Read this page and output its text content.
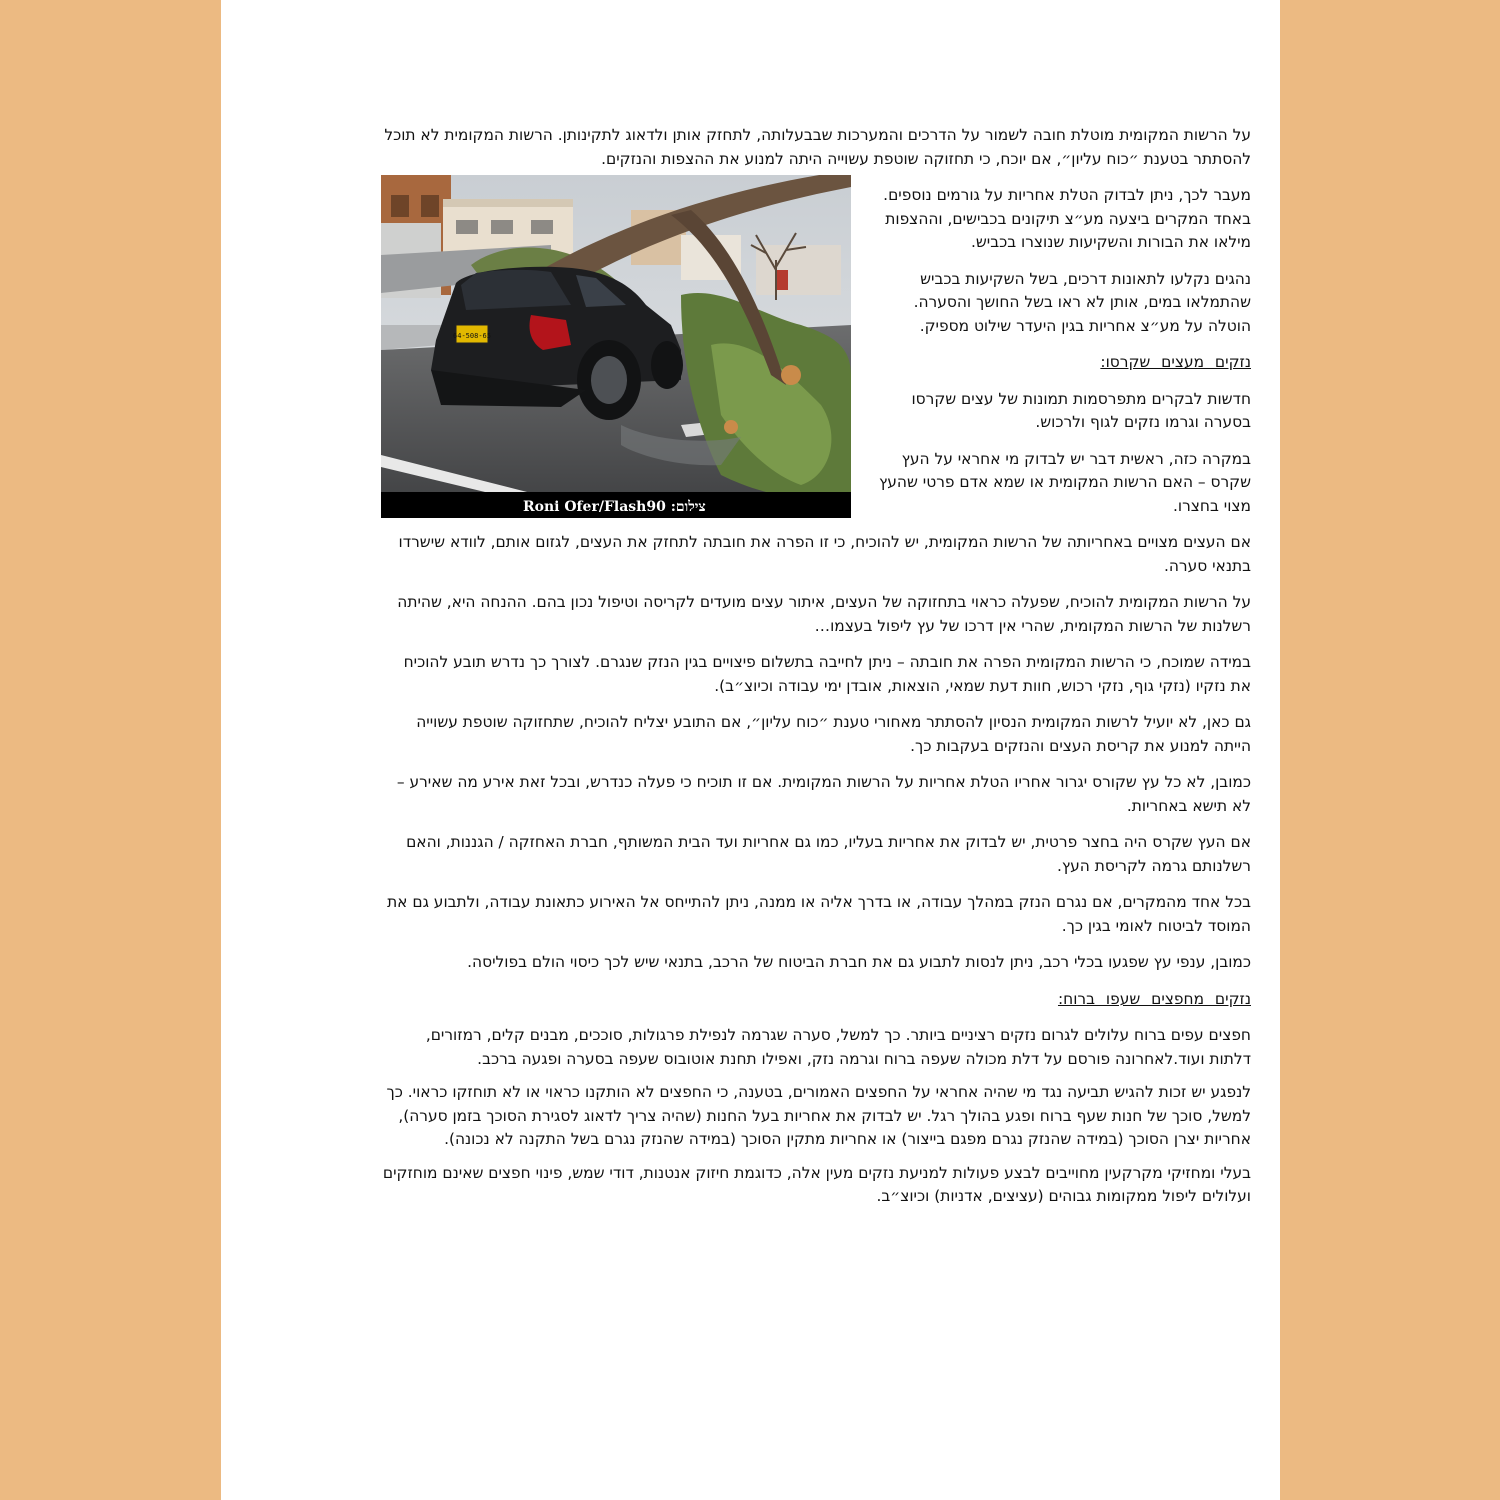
על הרשות המקומית מוטלת חובה לשמור על הדרכים והמערכות שבבעלותה, לתחזק אותן ולדאוג לתקינותן. הרשות המקומית לא תוכל להסתתר בטענת ״כוח עליון״, אם יוכח, כי תחזוקה שוטפת עשוייה היתה למנוע את ההצפות והנזקים.

64-508-65
צילום: Roni Ofer/Flash90

מעבר לכך, ניתן לבדוק הטלת אחריות על גורמים נוספים. באחד המקרים ביצעה מע״צ תיקונים בכבישים, וההצפות מילאו את הבורות והשקיעות שנוצרו בכביש.

נהגים נקלעו לתאונות דרכים, בשל השקיעות בכביש שהתמלאו במים, אותן לא ראו בשל החושך והסערה. הוטלה על מע״צ אחריות בגין היעדר שילוט מספיק.

נזקים מעצים שקרסו:

חדשות לבקרים מתפרסמות תמונות של עצים שקרסו בסערה וגרמו נזקים לגוף ולרכוש.

במקרה כזה, ראשית דבר יש לבדוק מי אחראי על העץ שקרס – האם הרשות המקומית או שמא אדם פרטי שהעץ מצוי בחצרו.

אם העצים מצויים באחריותה של הרשות המקומית, יש להוכיח, כי זו הפרה את חובתה לתחזק את העצים, לגזום אותם, לוודא שישרדו בתנאי סערה.

על הרשות המקומית להוכיח, שפעלה כראוי בתחזוקה של העצים, איתור עצים מועדים לקריסה וטיפול נכון בהם. ההנחה היא, שהיתה רשלנות של הרשות המקומית, שהרי אין דרכו של עץ ליפול בעצמו…

במידה שמוכח, כי הרשות המקומית הפרה את חובתה – ניתן לחייבה בתשלום פיצויים בגין הנזק שנגרם. לצורך כך נדרש תובע להוכיח את נזקיו (נזקי גוף, נזקי רכוש, חוות דעת שמאי, הוצאות, אובדן ימי עבודה וכיוצ״ב).

גם כאן, לא יועיל לרשות המקומית הנסיון להסתתר מאחורי טענת ״כוח עליון״, אם התובע יצליח להוכיח, שתחזוקה שוטפת עשוייה הייתה למנוע את קריסת העצים והנזקים בעקבות כך.

כמובן, לא כל עץ שקורס יגרור אחריו הטלת אחריות על הרשות המקומית. אם זו תוכיח כי פעלה כנדרש, ובכל זאת אירע מה שאירע – לא תישא באחריות.

אם העץ שקרס היה בחצר פרטית, יש לבדוק את אחריות בעליו, כמו גם אחריות ועד הבית המשותף, חברת האחזקה / הגננות, והאם רשלנותם גרמה לקריסת העץ.

בכל אחד מהמקרים, אם נגרם הנזק במהלך עבודה, או בדרך אליה או ממנה, ניתן להתייחס אל האירוע כתאונת עבודה, ולתבוע גם את המוסד לביטוח לאומי בגין כך.

כמובן, ענפי עץ שפגעו בכלי רכב, ניתן לנסות לתבוע גם את חברת הביטוח של הרכב, בתנאי שיש לכך כיסוי הולם בפוליסה.

נזקים מחפצים שעפו ברוח:

חפצים עפים ברוח עלולים לגרום נזקים רציניים ביותר. כך למשל, סערה שגרמה לנפילת פרגולות, סוככים, מבנים קלים, רמזורים, דלתות ועוד.לאחרונה פורסם על דלת מכולה שעפה ברוח וגרמה נזק, ואפילו תחנת אוטובוס שעפה בסערה ופגעה ברכב.

לנפגע יש זכות להגיש תביעה נגד מי שהיה אחראי על החפצים האמורים, בטענה, כי החפצים לא הותקנו כראוי או לא תוחזקו כראוי. כך למשל, סוכך של חנות שעף ברוח ופגע בהולך רגל. יש לבדוק את אחריות בעל החנות (שהיה צריך לדאוג לסגירת הסוכך בזמן סערה), אחריות יצרן הסוכך (במידה שהנזק נגרם מפגם בייצור) או אחריות מתקין הסוכך (במידה שהנזק נגרם בשל התקנה לא נכונה).

בעלי ומחזיקי מקרקעין מחוייבים לבצע פעולות למניעת נזקים מעין אלה, כדוגמת חיזוק אנטנות, דודי שמש, פינוי חפצים שאינם מוחזקים ועלולים ליפול ממקומות גבוהים (עציצים, אדניות) וכיוצ״ב.
